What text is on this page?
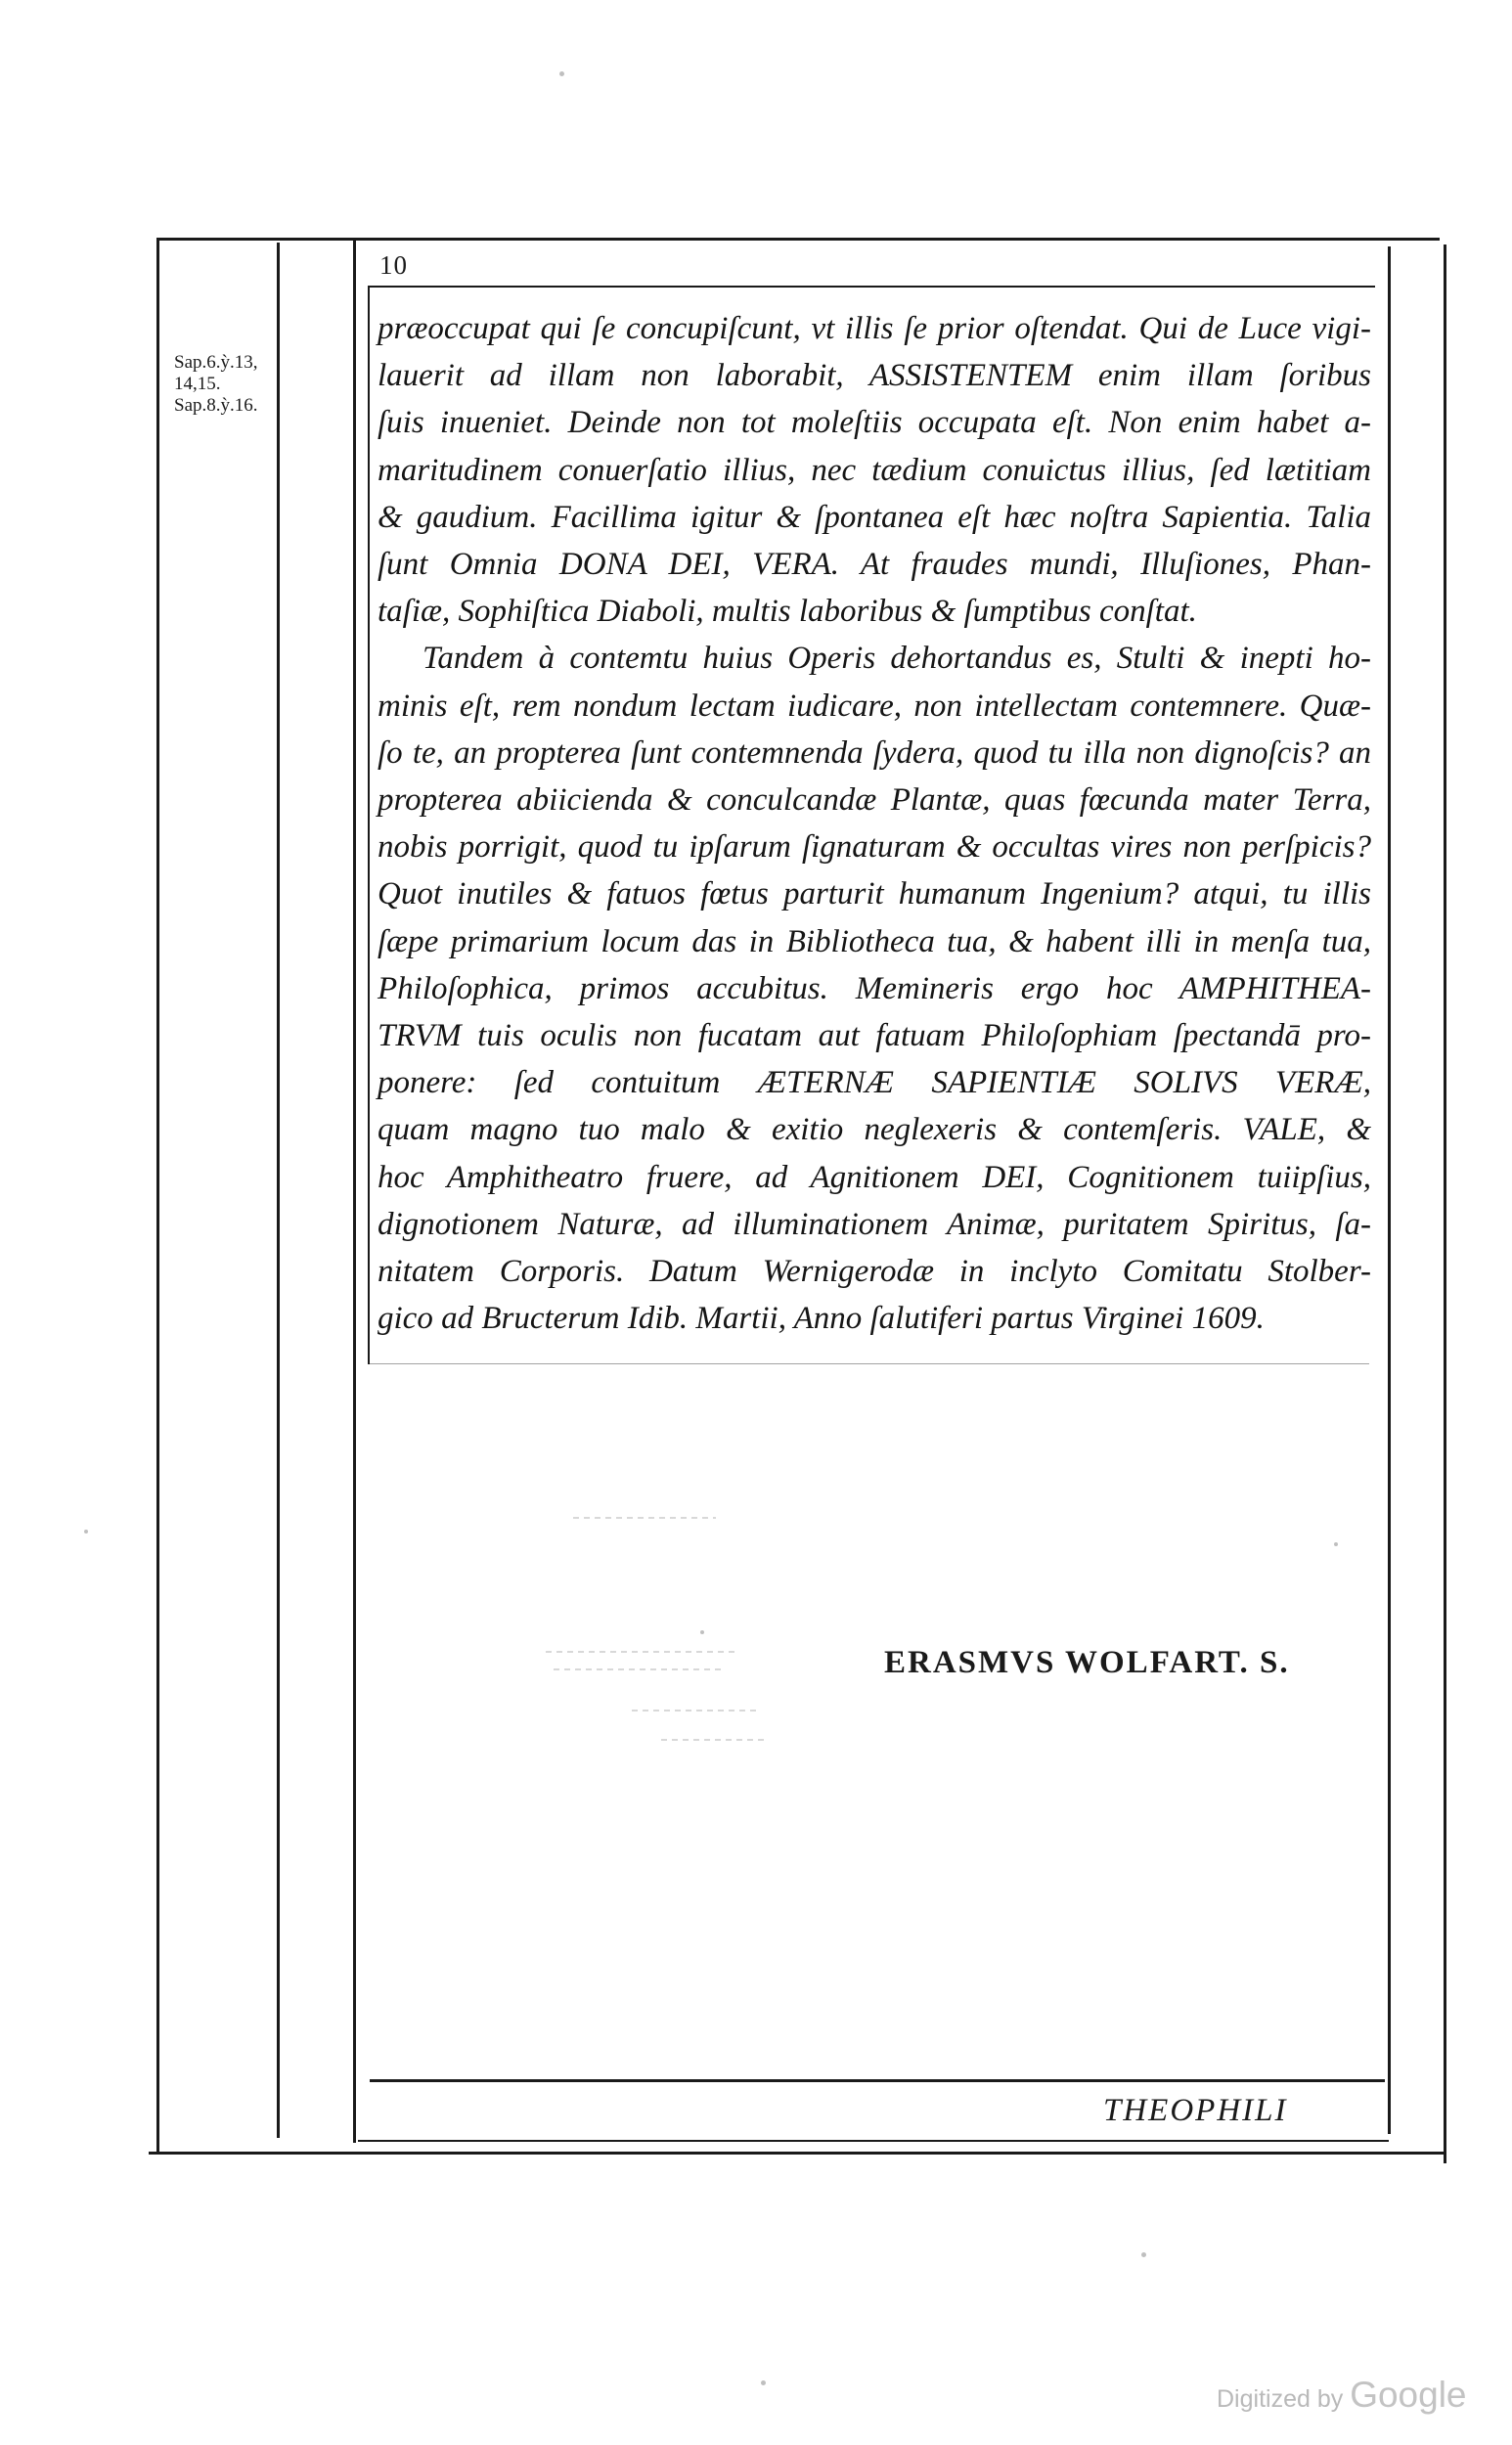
10
Sap.6.ỳ.13,
14,15.
Sap.8.ỳ.16.
præoccupat qui ſe concupiſcunt, vt illis ſe prior oſtendat. Qui de Luce vigi-
lauerit ad illam non laborabit, ASSISTENTEM enim illam ſoribus
ſuis inueniet. Deinde non tot moleſtiis occupata eſt. Non enim habet a-
maritudinem conuerſatio illius, nec tædium conuictus illius, ſed lætitiam
& gaudium. Facillima igitur & ſpontanea eſt hæc noſtra Sapientia. Talia
ſunt Omnia DONA DEI, VERA. At fraudes mundi, Illuſiones, Phan-
taſiæ, Sophiſtica Diaboli, multis laboribus & ſumptibus conſtat.
Tandem à contemtu huius Operis dehortandus es, Stulti & inepti ho-
minis eſt, rem nondum lectam iudicare, non intellectam contemnere. Quæ-
ſo te, an propterea ſunt contemnenda ſydera, quod tu illa non dignoſcis? an
propterea abiicienda & conculcandæ Plantæ, quas fœcunda mater Terra,
nobis porrigit, quod tu ipſarum ſignaturam & occultas vires non perſpicis?
Quot inutiles & fatuos fœtus parturit humanum Ingenium? atqui, tu illis
ſæpe primarium locum das in Bibliotheca tua, & habent illi in menſa tua,
Philoſophica, primos accubitus. Memineris ergo hoc AMPHITHEA-
TRVM tuis oculis non fucatam aut fatuam Philoſophiam ſpectandā pro-
ponere: ſed contuitum ÆTERNÆ SAPIENTIÆ SOLIVS VERÆ,
quam magno tuo malo & exitio neglexeris & contemſeris. VALE, &
hoc Amphitheatro fruere, ad Agnitionem DEI, Cognitionem tuiipſius,
dignotionem Naturæ, ad illuminationem Animæ, puritatem Spiritus, ſa-
nitatem Corporis. Datum Wernigerodæ in inclyto Comitatu Stolber-
gico ad Bructerum Idib. Martii, Anno ſalutiferi partus Virginei 1609.
ERASMVS WOLFART. S.
THEOPHILI
Digitized by Google
